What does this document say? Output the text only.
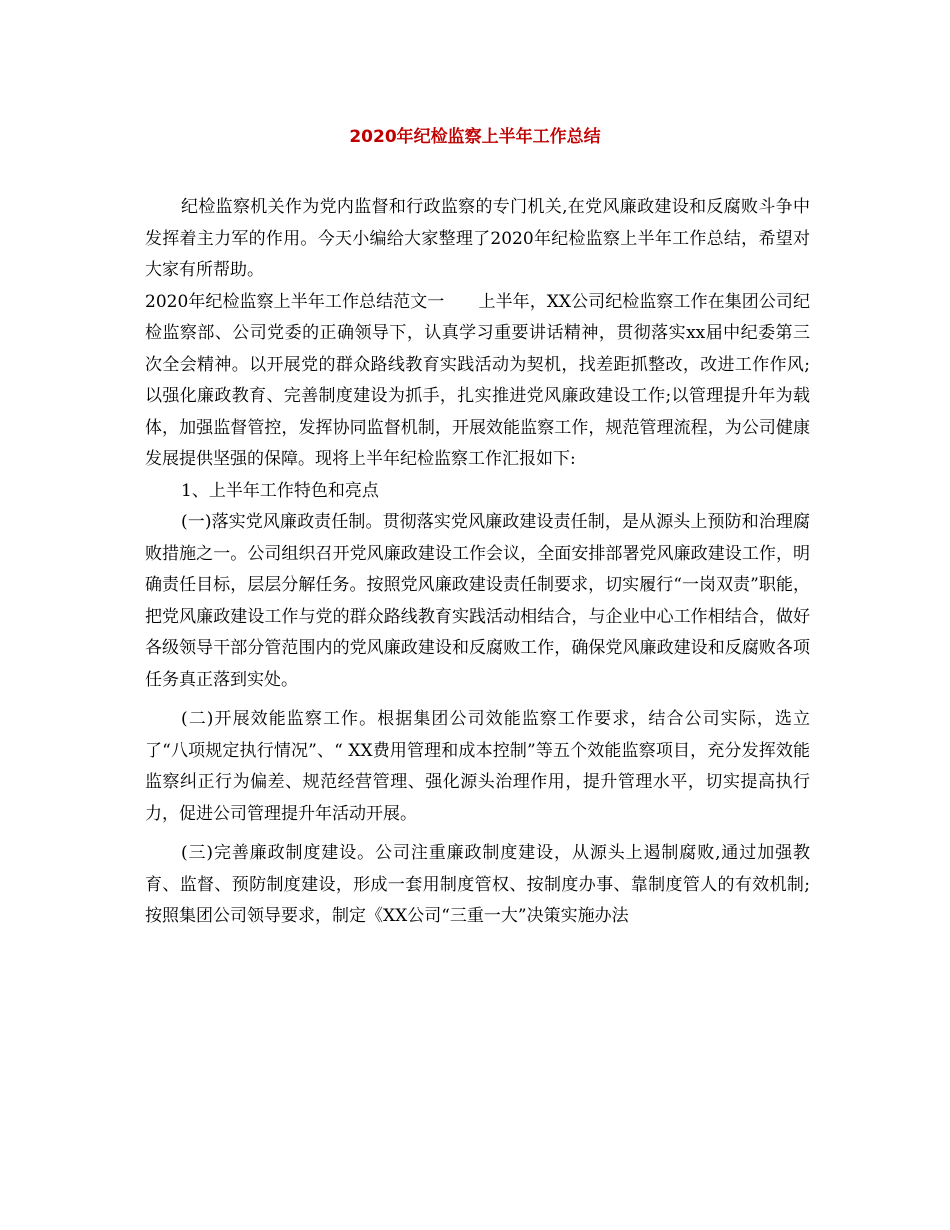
2020年纪检监察上半年工作总结

纪检监察机关作为党内监督和行政监察的专门机关,在党风廉政建设和反腐败斗争中发挥着主力军的作用。今天小编给大家整理了2020年纪检监察上半年工作总结，希望对大家有所帮助。

2020年纪检监察上半年工作总结范文一　　上半年，XX公司纪检监察工作在集团公司纪检监察部、公司党委的正确领导下，认真学习重要讲话精神，贯彻落实xx届中纪委第三次全会精神。以开展党的群众路线教育实践活动为契机，找差距抓整改，改进工作作风;以强化廉政教育、完善制度建设为抓手，扎实推进党风廉政建设工作;以管理提升年为载体，加强监督管控，发挥协同监督机制，开展效能监察工作，规范管理流程，为公司健康发展提供坚强的保障。现将上半年纪检监察工作汇报如下:

1、上半年工作特色和亮点

(一)落实党风廉政责任制。贯彻落实党风廉政建设责任制，是从源头上预防和治理腐败措施之一。公司组织召开党风廉政建设工作会议，全面安排部署党风廉政建设工作，明确责任目标，层层分解任务。按照党风廉政建设责任制要求，切实履行“一岗双责”职能，把党风廉政建设工作与党的群众路线教育实践活动相结合，与企业中心工作相结合，做好各级领导干部分管范围内的党风廉政建设和反腐败工作，确保党风廉政建设和反腐败各项任务真正落到实处。

(二)开展效能监察工作。根据集团公司效能监察工作要求，结合公司实际，选立了“八项规定执行情况”、“ XX费用管理和成本控制”等五个效能监察项目，充分发挥效能监察纠正行为偏差、规范经营管理、强化源头治理作用，提升管理水平，切实提高执行力，促进公司管理提升年活动开展。

(三)完善廉政制度建设。公司注重廉政制度建设，从源头上遏制腐败,通过加强教育、监督、预防制度建设，形成一套用制度管权、按制度办事、靠制度管人的有效机制;按照集团公司领导要求，制定《XX公司“三重一大”决策实施办法
